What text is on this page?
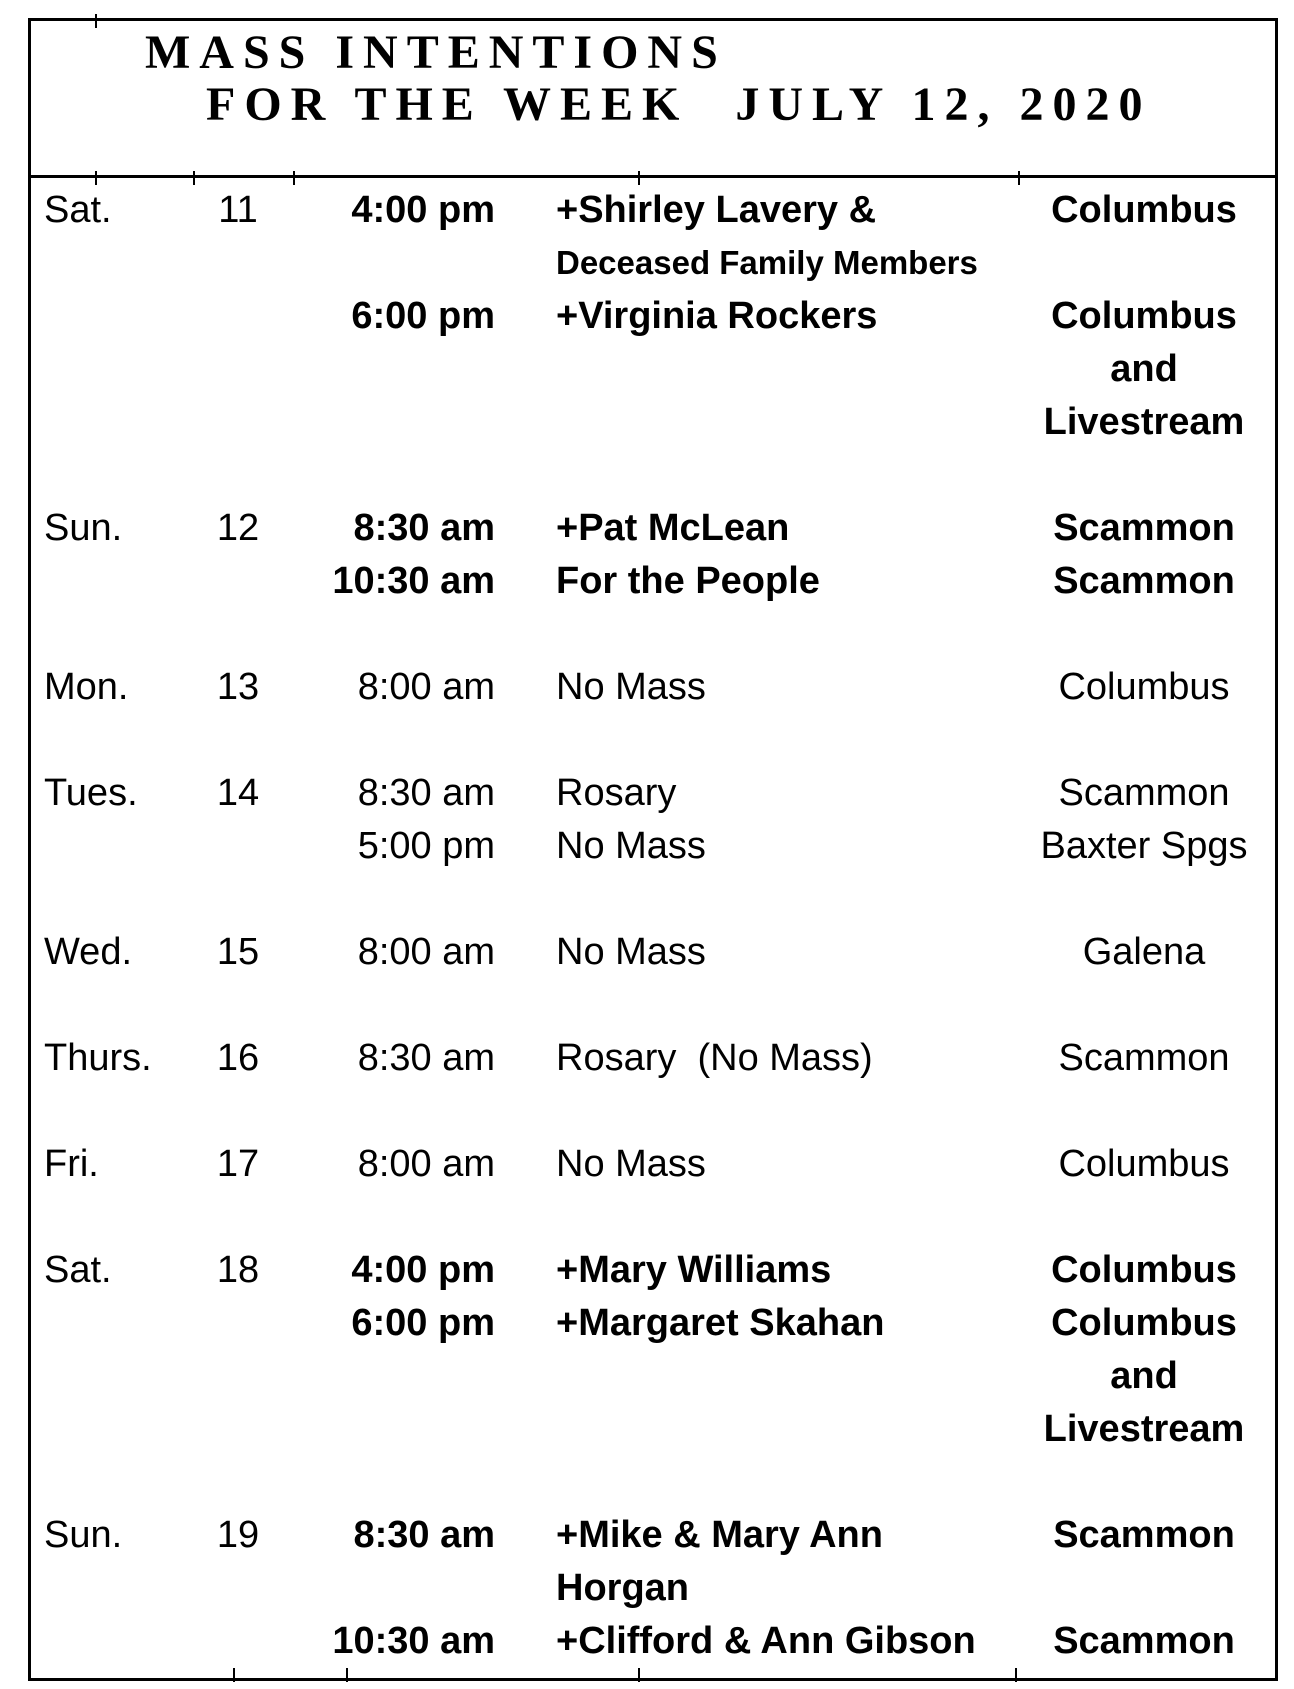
MASS INTENTIONS
FOR THE WEEK JULY 12, 2020
Sat.	11	4:00 pm	+Shirley Lavery &	Columbus
Deceased Family Members
6:00 pm	+Virginia Rockers	Columbus
and
Livestream
Sun.	12	8:30 am	+Pat McLean	Scammon
10:30 am	For the People	Scammon
Mon.	13	8:00 am	No Mass	Columbus
Tues.	14	8:30 am	Rosary	Scammon
5:00 pm	No Mass	Baxter Spgs
Wed.	15	8:00 am	No Mass	Galena
Thurs.	16	8:30 am	Rosary  (No Mass)	Scammon
Fri.	17	8:00 am	No Mass	Columbus
Sat.	18	4:00 pm	+Mary Williams	Columbus
6:00 pm	+Margaret Skahan	Columbus
and
Livestream
Sun.	19	8:30 am	+Mike & Mary Ann	Scammon
Horgan
10:30 am	+Clifford & Ann Gibson	Scammon
